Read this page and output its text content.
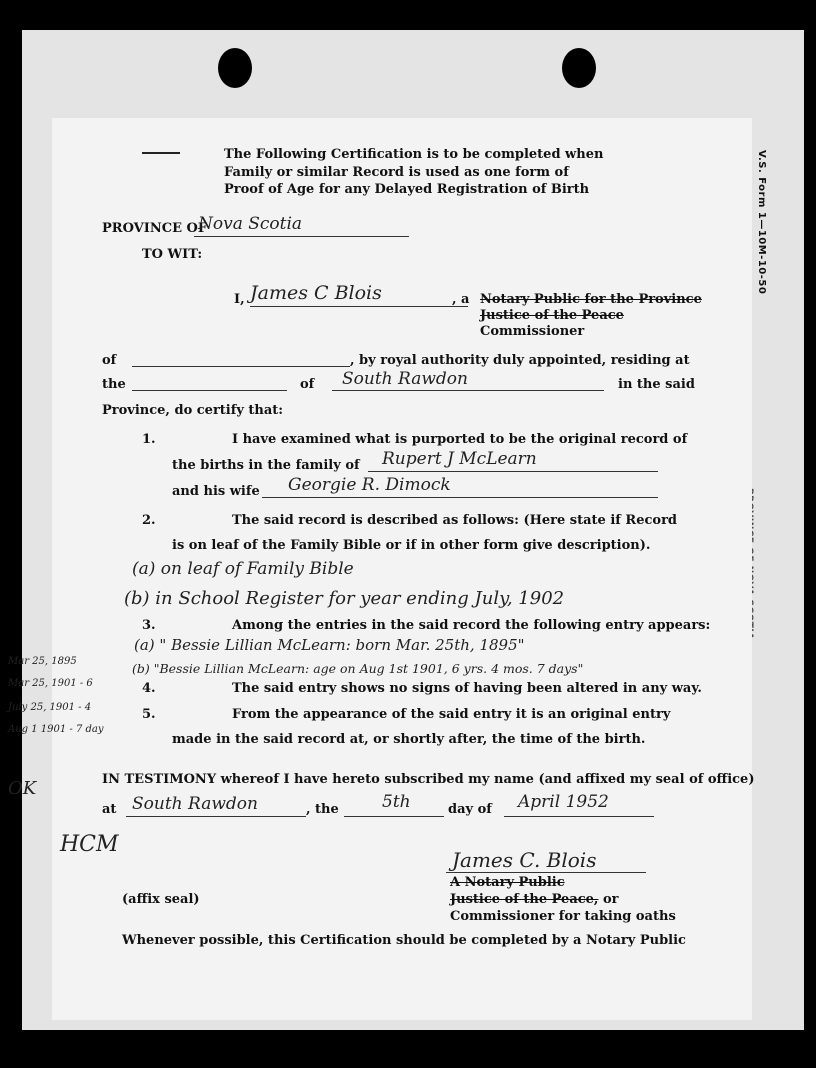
V.S. Form 1—10M-10-50
The Following Certification is to be completed when
Family or similar Record is used as one form of
Proof of Age for any Delayed Registration of Birth
PROVINCE OF
Nova Scotia
TO WIT:
I, James C Blois	, a Notary Public for the Province
Justice of the Peace
Commissioner
of	, by royal authority duly appointed, residing at
the	of South Rawdon	in the said
Province, do certify that:
1.	I have examined what is purported to be the original record of
the births in the family of Rupert J McLearn
and his wife Georgie R. Dimock
2.	The said record is described as follows: (Here state if Record
is on leaf of the Family Bible or if in other form give description).
(a) on leaf of Family Bible
(b) in School Register for year ending July, 1902
3.	Among the entries in the said record the following entry appears:
(a) " Bessie Lillian McLearn: born Mar. 25th, 1895"
(b) "Bessie Lillian McLearn: age on Aug 1st 1901, 6 yrs. 4 mos. 7 days"
4.	The said entry shows no signs of having been altered in any way.
5.	From the appearance of the said entry it is an original entry
made in the said record at, or shortly after, the time of the birth.
Mar 25, 1895
Mar 25, 1901 - 6
July 25, 1901 - 4
Aug 1 1901 - 7 day
OK
HCM
IN TESTIMONY whereof I have hereto subscribed my name (and affixed my seal of office)
at South Rawdon	, the	5th	day of April 1952
James C. Blois
A Notary Public
Justice of the Peace, or
Commissioner for taking oaths
(affix seal)
Whenever possible, this Certification should be completed by a Notary Public
